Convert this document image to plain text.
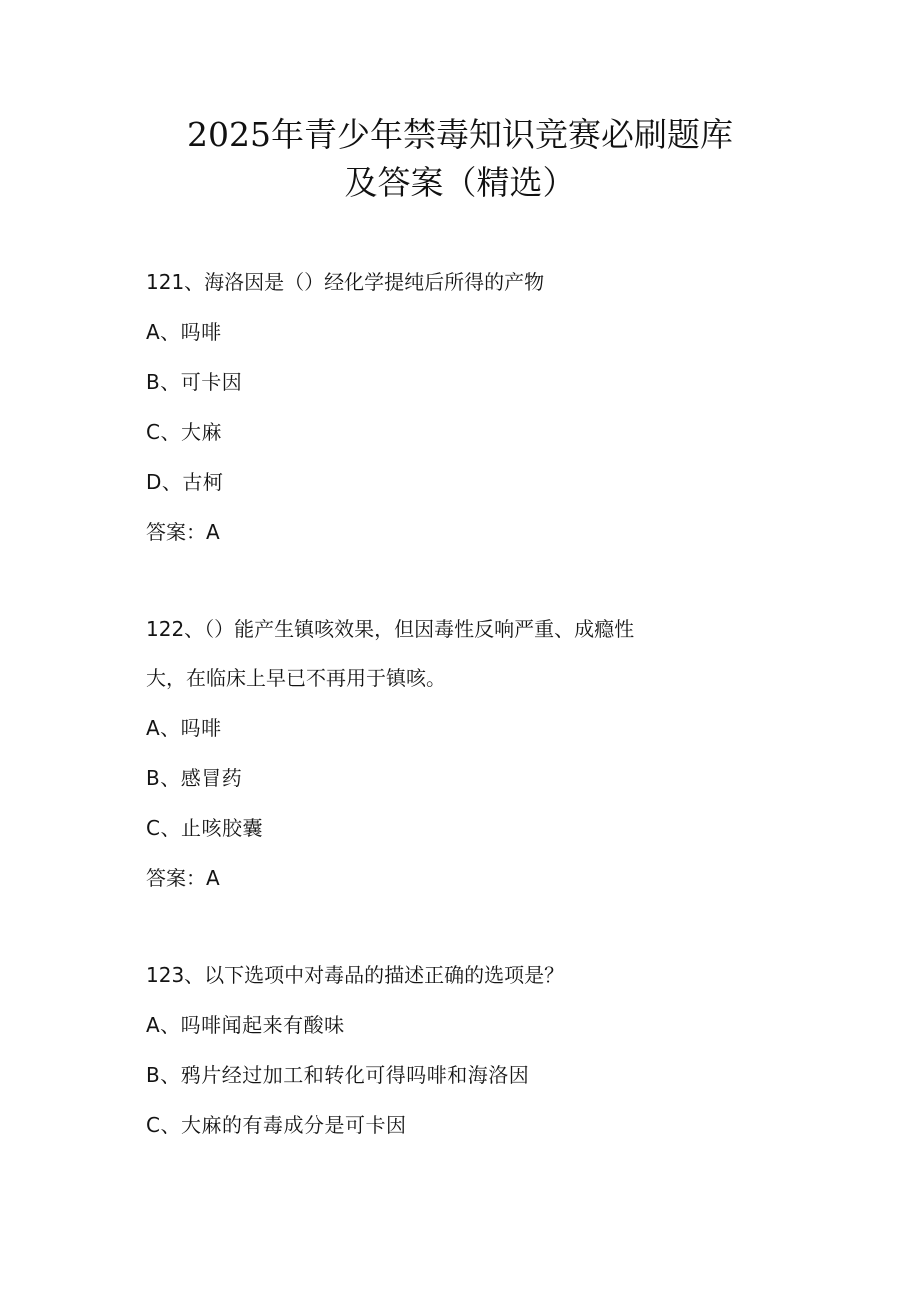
2025年青少年禁毒知识竞赛必刷题库
及答案（精选）
121、海洛因是（）经化学提纯后所得的产物
A、吗啡
B、可卡因
C、大麻
D、古柯
答案：A
122、（）能产生镇咳效果，但因毒性反响严重、成瘾性
大，在临床上早已不再用于镇咳。
A、吗啡
B、感冒药
C、止咳胶囊
答案：A
123、以下选项中对毒品的描述正确的选项是？
A、吗啡闻起来有酸味
B、鸦片经过加工和转化可得吗啡和海洛因
C、大麻的有毒成分是可卡因
